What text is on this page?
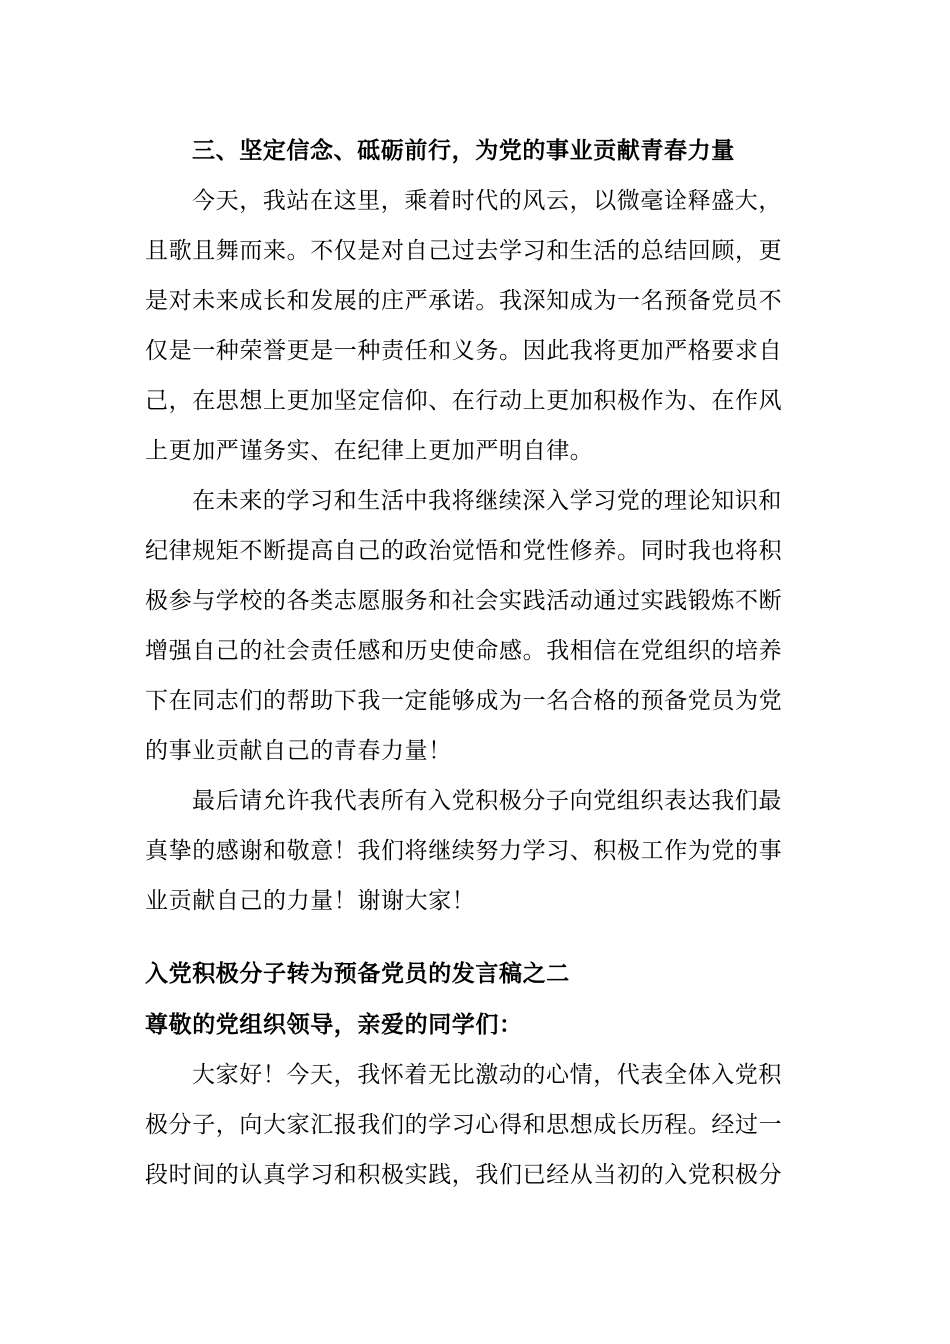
三、坚定信念、砥砺前行，为党的事业贡献青春力量
今天，我站在这里，乘着时代的风云，以微毫诠释盛大，
且歌且舞而来。不仅是对自己过去学习和生活的总结回顾，更
是对未来成长和发展的庄严承诺。我深知成为一名预备党员不
仅是一种荣誉更是一种责任和义务。因此我将更加严格要求自
己，在思想上更加坚定信仰、在行动上更加积极作为、在作风
上更加严谨务实、在纪律上更加严明自律。
在未来的学习和生活中我将继续深入学习党的理论知识和
纪律规矩不断提高自己的政治觉悟和党性修养。同时我也将积
极参与学校的各类志愿服务和社会实践活动通过实践锻炼不断
增强自己的社会责任感和历史使命感。我相信在党组织的培养
下在同志们的帮助下我一定能够成为一名合格的预备党员为党
的事业贡献自己的青春力量！
最后请允许我代表所有入党积极分子向党组织表达我们最
真挚的感谢和敬意！我们将继续努力学习、积极工作为党的事
业贡献自己的力量！谢谢大家！
入党积极分子转为预备党员的发言稿之二
尊敬的党组织领导，亲爱的同学们：
大家好！今天，我怀着无比激动的心情，代表全体入党积
极分子，向大家汇报我们的学习心得和思想成长历程。经过一
段时间的认真学习和积极实践，我们已经从当初的入党积极分
